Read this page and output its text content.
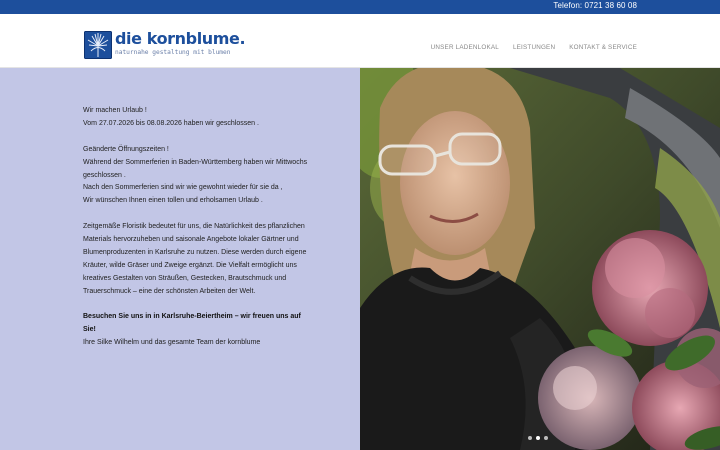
Telefon: 0721 38 60 08
die kornblume.
naturnahe gestaltung mit blumen
UNSER LADENLOKAL LEISTUNGEN KONTAKT & SERVICE

Wir machen Urlaub !
Vom 27.07.2026 bis 08.08.2026 haben wir geschlossen .

Geänderte Öffnungszeiten !
Während der Sommerferien in Baden-Württemberg haben wir Mittwochs geschlossen .
Nach den Sommerferien sind wir wie gewohnt wieder für sie da ,
Wir wünschen Ihnen einen tollen und erholsamen Urlaub .

Zeitgemäße Floristik bedeutet für uns, die Natürlichkeit des pflanzlichen Materials hervorzuheben und saisonale Angebote lokaler Gärtner und Blumenproduzenten in Karlsruhe zu nutzen. Diese werden durch eigene Kräuter, wilde Gräser und Zweige ergänzt. Die Vielfalt ermöglicht uns kreatives Gestalten von Sträußen, Gestecken, Brautschmuck und Trauerschmuck – eine der schönsten Arbeiten der Welt.

Besuchen Sie uns in in Karlsruhe-Beiertheim – wir freuen uns auf Sie!
Ihre Silke Wilhelm und das gesamte Team der kornblume
